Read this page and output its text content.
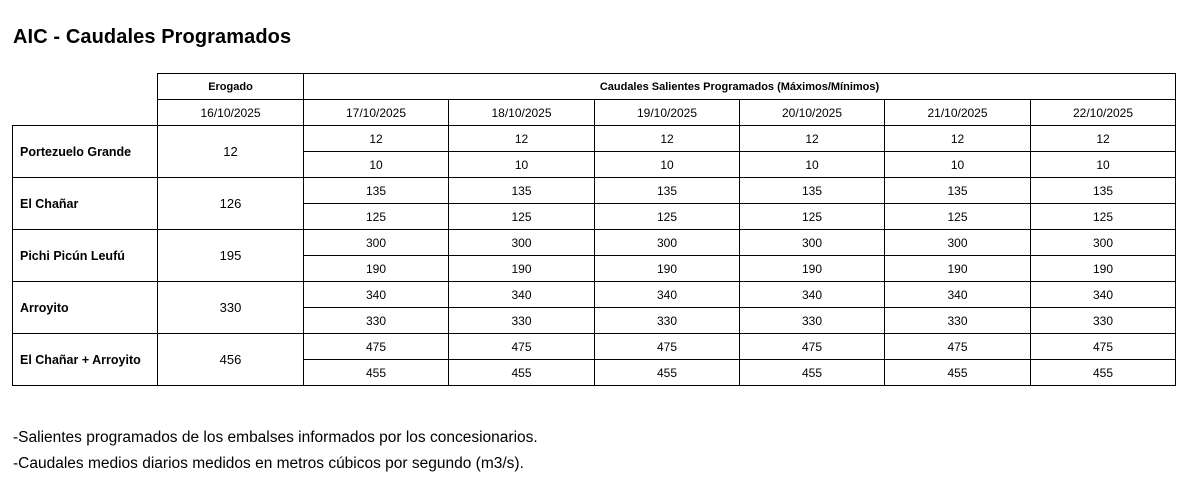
AIC - Caudales Programados
	Erogado	Caudales Salientes Programados (Máximos/Mínimos)					
	16/10/2025	17/10/2025	18/10/2025	19/10/2025	20/10/2025	21/10/2025	22/10/2025
Portezuelo Grande	12	12	12	12	12	12	12
		10	10	10	10	10	10
El Chañar	126	135	135	135	135	135	135
		125	125	125	125	125	125
Pichi Picún Leufú	195	300	300	300	300	300	300
		190	190	190	190	190	190
Arroyito	330	340	340	340	340	340	340
		330	330	330	330	330	330
El Chañar + Arroyito	456	475	475	475	475	475	475
		455	455	455	455	455	455
-Salientes programados de los embalses informados por los concesionarios.
-Caudales medios diarios medidos en metros cúbicos por segundo (m3/s).
